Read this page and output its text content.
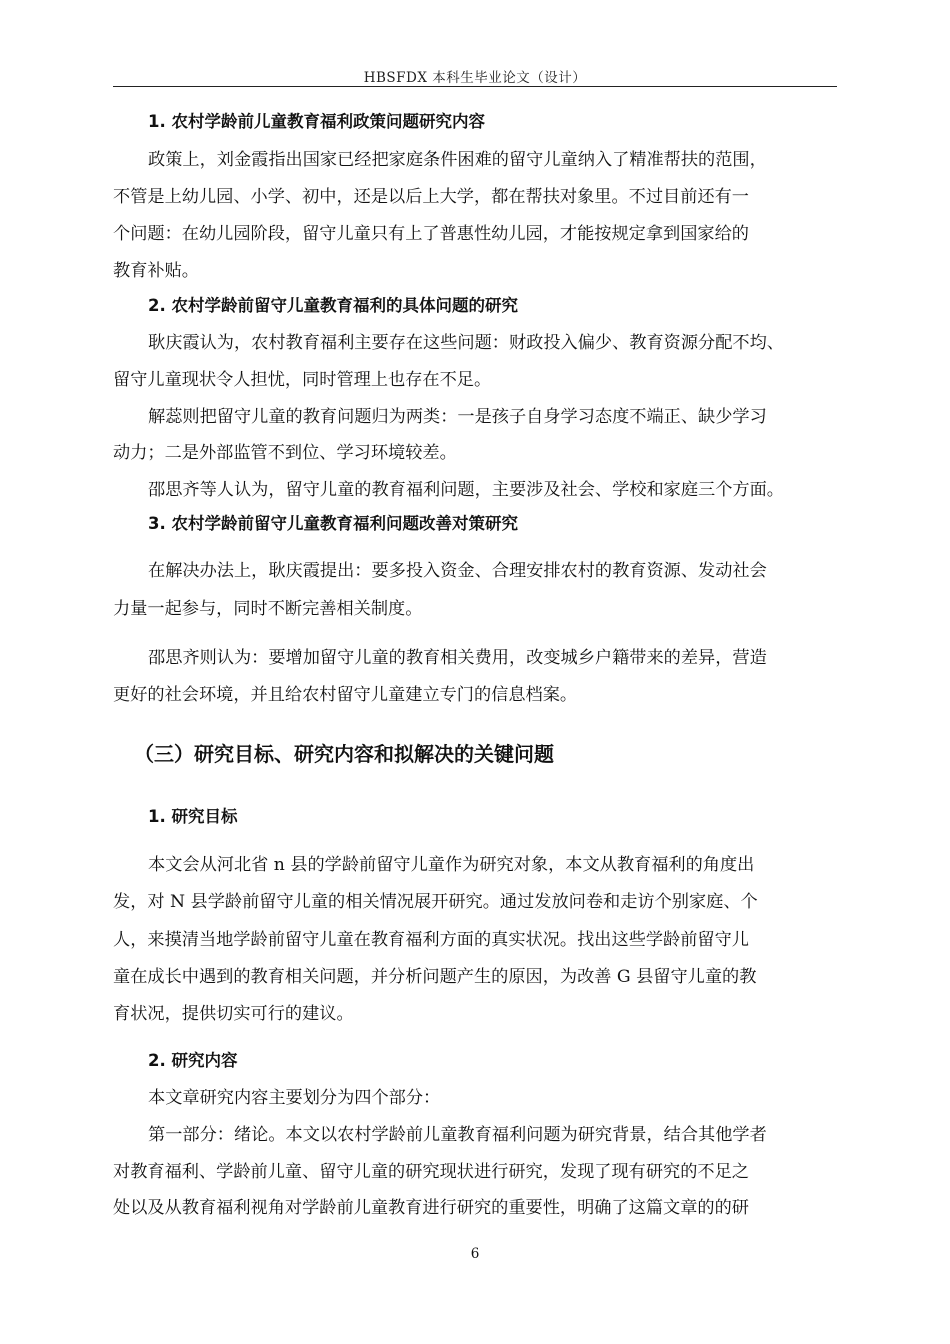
HBSFDX 本科生毕业论文（设计）
1. 农村学龄前儿童教育福利政策问题研究内容
政策上，刘金霞指出国家已经把家庭条件困难的留守儿童纳入了精准帮扶的范围，
不管是上幼儿园、小学、初中，还是以后上大学，都在帮扶对象里。不过目前还有一
个问题：在幼儿园阶段，留守儿童只有上了普惠性幼儿园，才能按规定拿到国家给的
教育补贴。
2. 农村学龄前留守儿童教育福利的具体问题的研究
耿庆霞认为，农村教育福利主要存在这些问题：财政投入偏少、教育资源分配不均、
留守儿童现状令人担忧，同时管理上也存在不足。
解蕊则把留守儿童的教育问题归为两类：一是孩子自身学习态度不端正、缺少学习
动力；二是外部监管不到位、学习环境较差。
邵思齐等人认为，留守儿童的教育福利问题，主要涉及社会、学校和家庭三个方面。
3. 农村学龄前留守儿童教育福利问题改善对策研究
在解决办法上，耿庆霞提出：要多投入资金、合理安排农村的教育资源、发动社会
力量一起参与，同时不断完善相关制度。
邵思齐则认为：要增加留守儿童的教育相关费用，改变城乡户籍带来的差异，营造
更好的社会环境，并且给农村留守儿童建立专门的信息档案。
（三）研究目标、研究内容和拟解决的关键问题
1. 研究目标
本文会从河北省 n 县的学龄前留守儿童作为研究对象，本文从教育福利的角度出
发，对 N 县学龄前留守儿童的相关情况展开研究。通过发放问卷和走访个别家庭、个
人，来摸清当地学龄前留守儿童在教育福利方面的真实状况。找出这些学龄前留守儿
童在成长中遇到的教育相关问题，并分析问题产生的原因，为改善 G 县留守儿童的教
育状况，提供切实可行的建议。
2. 研究内容
本文章研究内容主要划分为四个部分：
第一部分：绪论。本文以农村学龄前儿童教育福利问题为研究背景，结合其他学者
对教育福利、学龄前儿童、留守儿童的研究现状进行研究，发现了现有研究的不足之
处以及从教育福利视角对学龄前儿童教育进行研究的重要性，明确了这篇文章的的研
6
